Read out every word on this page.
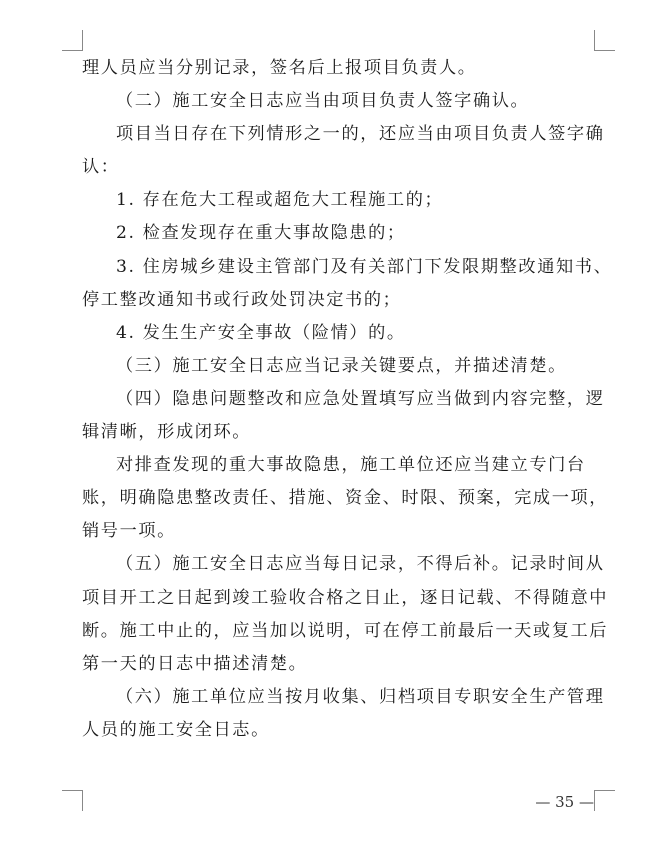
理人员应当分别记录，签名后上报项目负责人。
（二）施工安全日志应当由项目负责人签字确认。
项目当日存在下列情形之一的，还应当由项目负责人签字确
认：
1. 存在危大工程或超危大工程施工的；
2. 检查发现存在重大事故隐患的；
3. 住房城乡建设主管部门及有关部门下发限期整改通知书、
停工整改通知书或行政处罚决定书的；
4. 发生生产安全事故（险情）的。
（三）施工安全日志应当记录关键要点，并描述清楚。
（四）隐患问题整改和应急处置填写应当做到内容完整，逻
辑清晰，形成闭环。
对排查发现的重大事故隐患，施工单位还应当建立专门台
账，明确隐患整改责任、措施、资金、时限、预案，完成一项，
销号一项。
（五）施工安全日志应当每日记录，不得后补。记录时间从
项目开工之日起到竣工验收合格之日止，逐日记载、不得随意中
断。施工中止的，应当加以说明，可在停工前最后一天或复工后
第一天的日志中描述清楚。
（六）施工单位应当按月收集、归档项目专职安全生产管理
人员的施工安全日志。
— 35 —
